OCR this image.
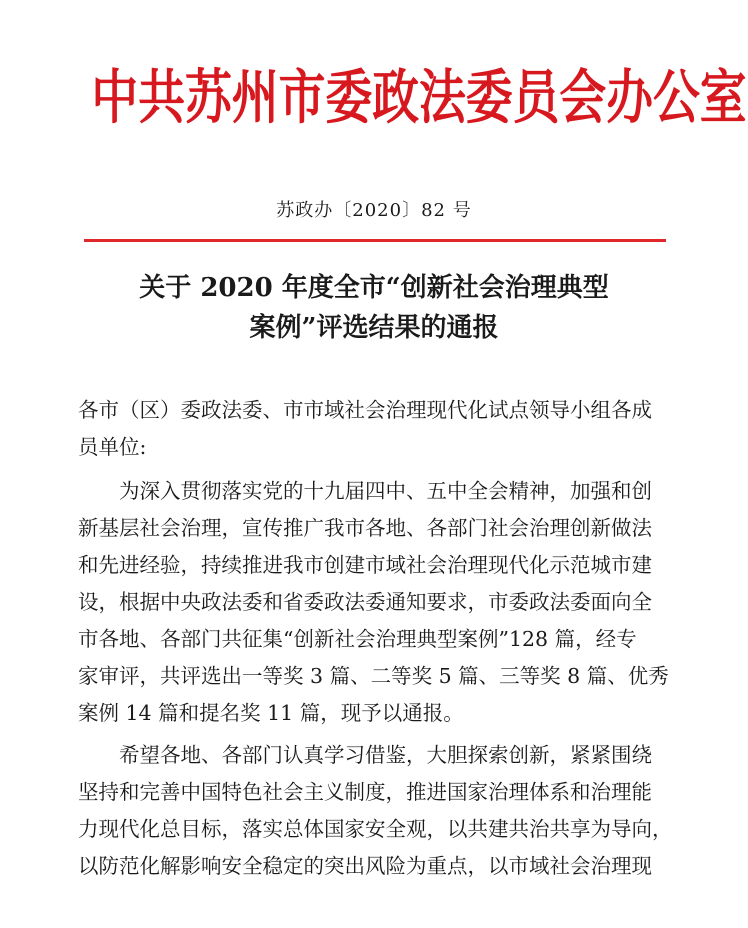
中共苏州市委政法委员会办公室
苏政办〔2020〕82 号
关于 2020 年度全市“创新社会治理典型
案例”评选结果的通报
各市（区）委政法委、市市域社会治理现代化试点领导小组各成
员单位:
为深入贯彻落实党的十九届四中、五中全会精神，加强和创
新基层社会治理，宣传推广我市各地、各部门社会治理创新做法
和先进经验，持续推进我市创建市域社会治理现代化示范城市建
设，根据中央政法委和省委政法委通知要求，市委政法委面向全
市各地、各部门共征集“创新社会治理典型案例”128 篇，经专
家审评，共评选出一等奖 3 篇、二等奖 5 篇、三等奖 8 篇、优秀
案例 14 篇和提名奖 11 篇，现予以通报。
希望各地、各部门认真学习借鉴，大胆探索创新，紧紧围绕
坚持和完善中国特色社会主义制度，推进国家治理体系和治理能
力现代化总目标，落实总体国家安全观，以共建共治共享为导向，
以防范化解影响安全稳定的突出风险为重点，以市域社会治理现
